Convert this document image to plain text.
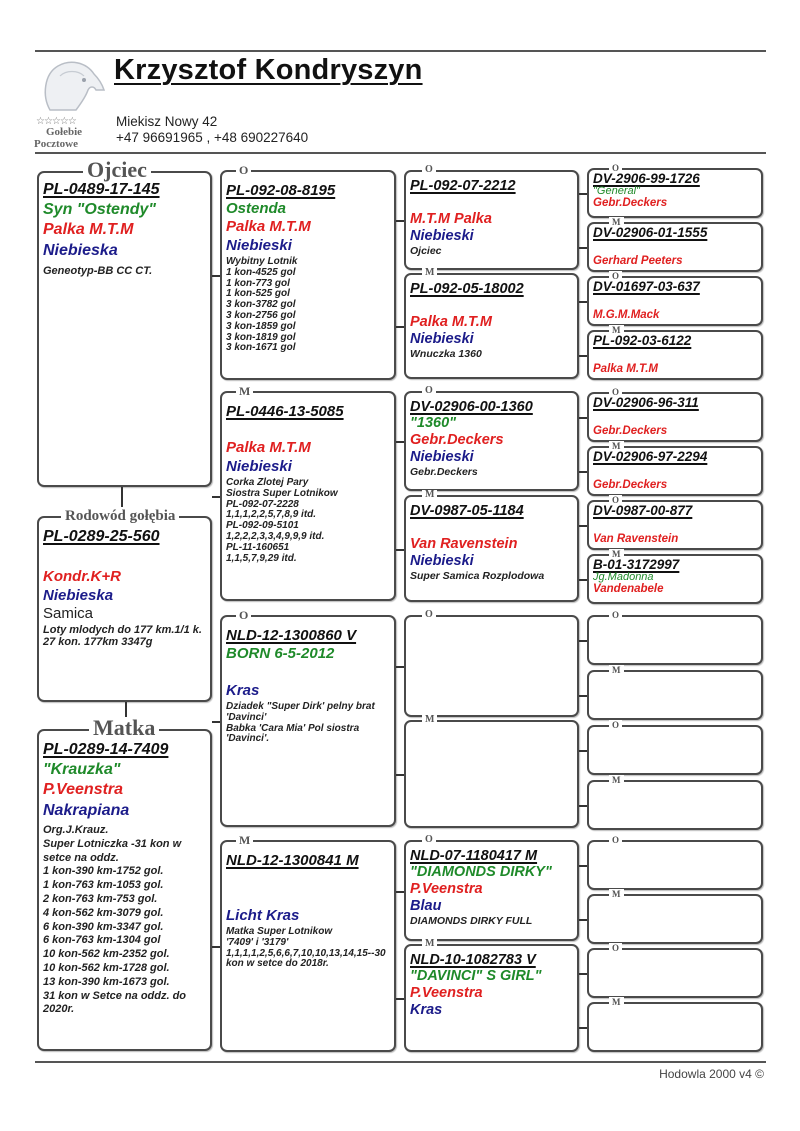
☆☆☆☆☆
Gołebie
Pocztowe
Krzysztof Kondryszyn
Miekisz Nowy 42
+47 96691965 , +48 690227640
Ojciec
PL-0489-17-145
Syn "Ostendy"
Palka M.T.M
Niebieska
Geneotyp-BB CC CT.
Rodowód gołębia
PL-0289-25-560
Kondr.K+R
Niebieska
Samica
Loty mlodych do 177 km.1/1 k.
27 kon. 177km 3347g
Matka
PL-0289-14-7409
"Krauzka"
P.Veenstra
Nakrapiana
Org.J.Krauz.
Super Lotniczka -31 kon w setce na oddz.
1 kon-390 km-1752 gol.
1 kon-763 km-1053 gol.
2 kon-763 km-753 gol.
4 kon-562 km-3079 gol.
6 kon-390 km-3347 gol.
6 kon-763 km-1304 gol
10 kon-562 km-2352 gol.
10 kon-562 km-1728 gol.
13 kon-390 km-1673 gol.
31 kon w Setce na oddz. do 2020r.
O
PL-092-08-8195
Ostenda
Palka M.T.M
Niebieski
Wybitny Lotnik
1 kon-4525 gol
1 kon-773 gol
1 kon-525 gol
3 kon-3782 gol
3 kon-2756 gol
3 kon-1859 gol
3 kon-1819 gol
3 kon-1671 gol
M
PL-0446-13-5085
Palka M.T.M
Niebieski
Corka Zlotej Pary
Siostra Super Lotnikow
PL-092-07-2228
1,1,1,2,2,5,7,8,9 itd.
PL-092-09-5101
1,2,2,2,3,3,4,9,9,9 itd.
PL-11-160651
1,1,5,7,9,29 itd.
O
NLD-12-1300860 V
BORN 6-5-2012
Kras
Dziadek "Super Dirk' pelny brat 'Davinci'
Babka 'Cara Mia' Pol siostra 'Davinci'.
M
NLD-12-1300841 M
Licht Kras
Matka Super Lotnikow
'7409' i '3179'
1,1,1,1,2,5,6,6,7,10,10,13,14,15--30 kon w setce do 2018r.
O
PL-092-07-2212
M.T.M Palka
Niebieski
Ojciec
M
PL-092-05-18002
Palka M.T.M
Niebieski
Wnuczka 1360
O
DV-02906-00-1360
"1360"
Gebr.Deckers
Niebieski
Gebr.Deckers
M
DV-0987-05-1184
Van Ravenstein
Niebieski
Super Samica Rozplodowa
O
M
O
NLD-07-1180417 M
"DIAMONDS DIRKY"
P.Veenstra
Blau
DIAMONDS DIRKY FULL
M
NLD-10-1082783 V
"DAVINCI" S GIRL"
P.Veenstra
Kras
O
DV-2906-99-1726
"General"
Gebr.Deckers
M
DV-02906-01-1555
Gerhard Peeters
O
DV-01697-03-637
M.G.M.Mack
M
PL-092-03-6122
Palka M.T.M
O
DV-02906-96-311
Gebr.Deckers
M
DV-02906-97-2294
Gebr.Deckers
O
DV-0987-00-877
Van Ravenstein
M
B-01-3172997
Jg.Madonna
Vandenabele
O
M
O
M
O
M
O
M
Hodowla 2000 v4 ©
